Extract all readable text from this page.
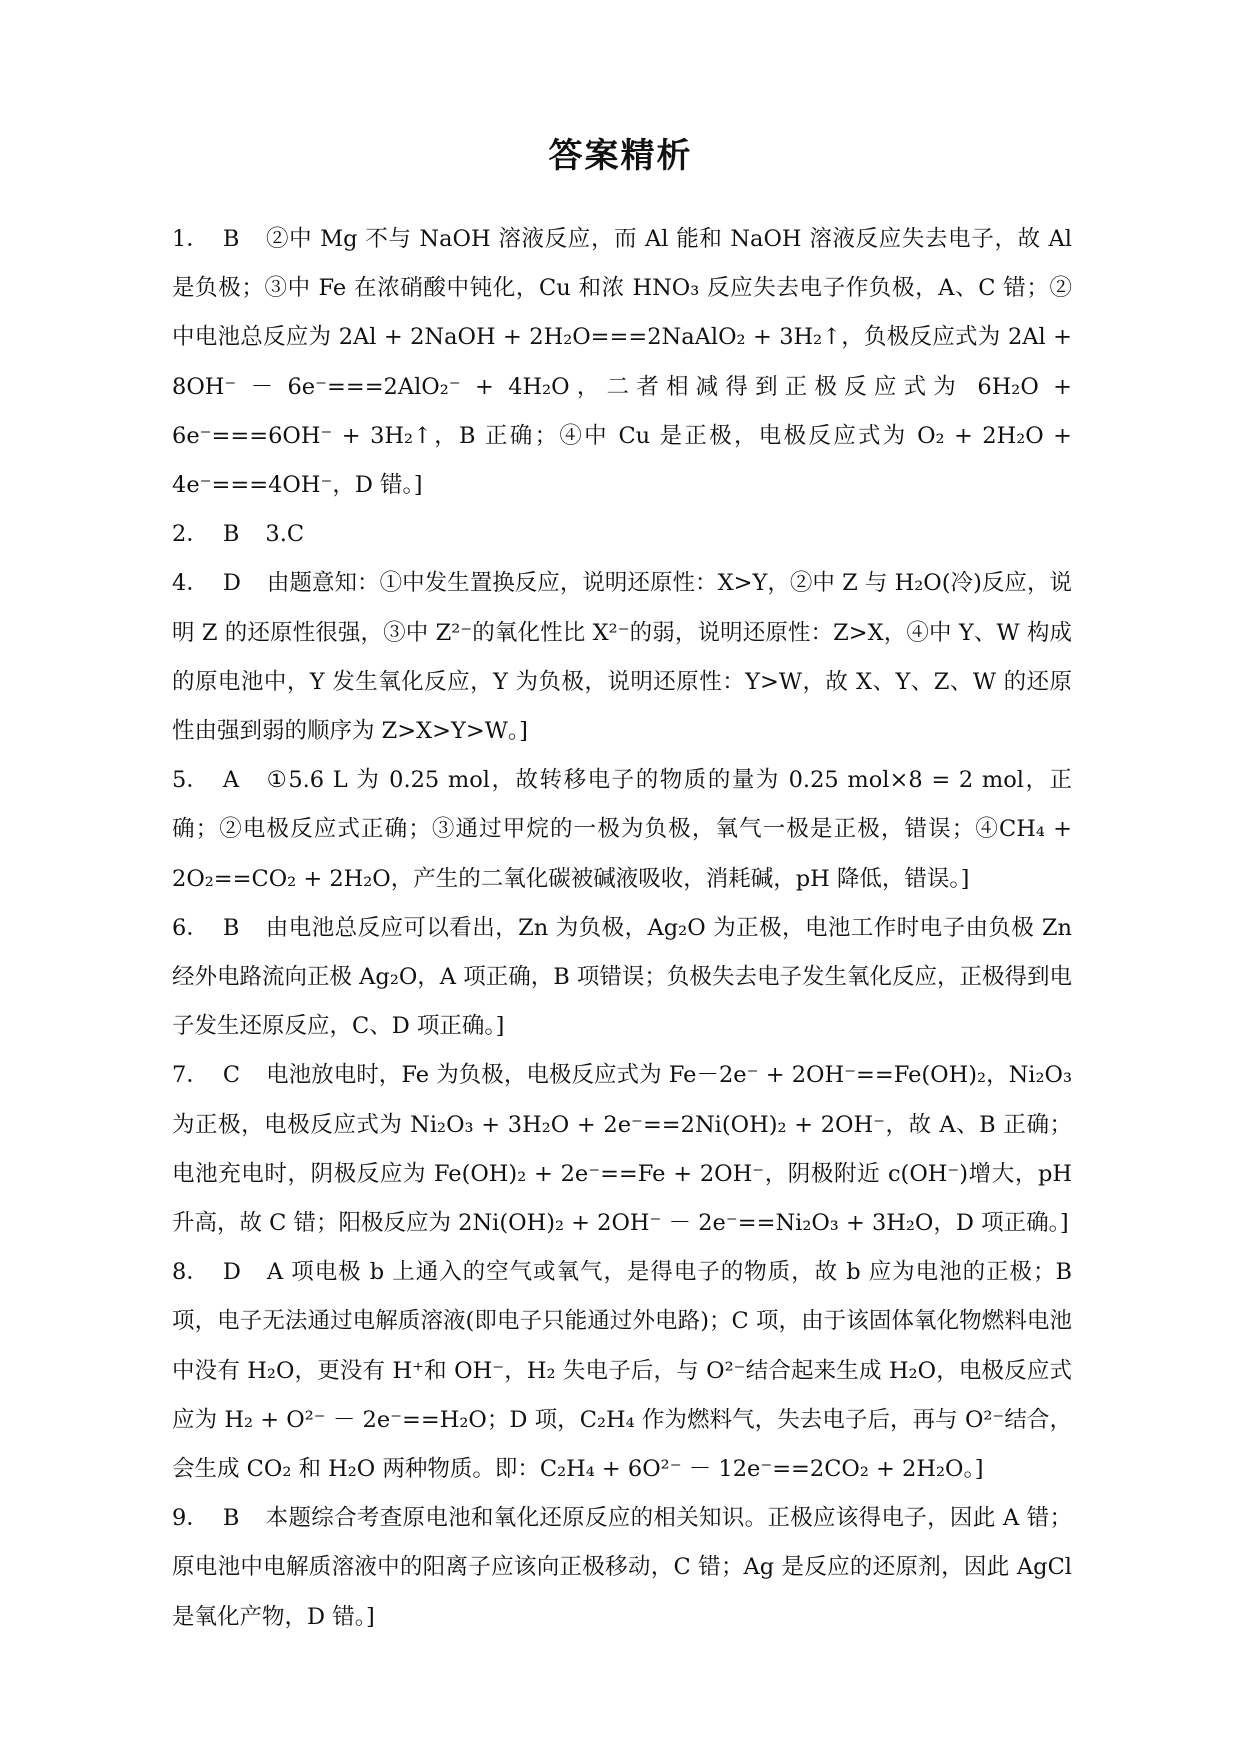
答案精析

1． B ②中 Mg 不与 NaOH 溶液反应，而 Al 能和 NaOH 溶液反应失去电子，故 Al 是负极；③中 Fe 在浓硝酸中钝化，Cu 和浓 HNO₃ 反应失去电子作负极，A、C 错；②中电池总反应为 2Al + 2NaOH + 2H₂O===2NaAlO₂ + 3H₂↑，负极反应式为 2Al + 8OH⁻ － 6e⁻===2AlO₂⁻ + 4H₂O，二者相减得到正极反应式为 6H₂O + 6e⁻===6OH⁻ + 3H₂↑，B 正确；④中 Cu 是正极，电极反应式为 O₂ + 2H₂O + 4e⁻===4OH⁻，D 错。]

2． B 3.C

4． D 由题意知：①中发生置换反应，说明还原性：X>Y，②中 Z 与 H₂O(冷)反应，说明 Z 的还原性很强，③中 Z²⁻的氧化性比 X²⁻的弱，说明还原性：Z>X，④中 Y、W 构成的原电池中，Y 发生氧化反应，Y 为负极，说明还原性：Y>W，故 X、Y、Z、W 的还原性由强到弱的顺序为 Z>X>Y>W。]

5． A ①5.6 L 为 0.25 mol，故转移电子的物质的量为 0.25 mol×8 = 2 mol，正确；②电极反应式正确；③通过甲烷的一极为负极，氧气一极是正极，错误；④CH₄ + 2O₂==CO₂ + 2H₂O，产生的二氧化碳被碱液吸收，消耗碱，pH 降低，错误。]

6． B 由电池总反应可以看出，Zn 为负极，Ag₂O 为正极，电池工作时电子由负极 Zn 经外电路流向正极 Ag₂O，A 项正确，B 项错误；负极失去电子发生氧化反应，正极得到电子发生还原反应，C、D 项正确。]

7． C 电池放电时，Fe 为负极，电极反应式为 Fe－2e⁻ + 2OH⁻==Fe(OH)₂，Ni₂O₃ 为正极，电极反应式为 Ni₂O₃ + 3H₂O + 2e⁻==2Ni(OH)₂ + 2OH⁻，故 A、B 正确；电池充电时，阴极反应为 Fe(OH)₂ + 2e⁻==Fe + 2OH⁻，阴极附近 c(OH⁻)增大，pH 升高，故 C 错；阳极反应为 2Ni(OH)₂ + 2OH⁻ － 2e⁻==Ni₂O₃ + 3H₂O，D 项正确。]

8． D A 项电极 b 上通入的空气或氧气，是得电子的物质，故 b 应为电池的正极；B 项，电子无法通过电解质溶液(即电子只能通过外电路)；C 项，由于该固体氧化物燃料电池中没有 H₂O，更没有 H⁺和 OH⁻，H₂ 失电子后，与 O²⁻结合起来生成 H₂O，电极反应式应为 H₂ + O²⁻ － 2e⁻==H₂O；D 项，C₂H₄ 作为燃料气，失去电子后，再与 O²⁻结合，会生成 CO₂ 和 H₂O 两种物质。即：C₂H₄ + 6O²⁻ － 12e⁻==2CO₂ + 2H₂O。]

9． B 本题综合考查原电池和氧化还原反应的相关知识。正极应该得电子，因此 A 错；原电池中电解质溶液中的阳离子应该向正极移动，C 错；Ag 是反应的还原剂，因此 AgCl 是氧化产物，D 错。]
